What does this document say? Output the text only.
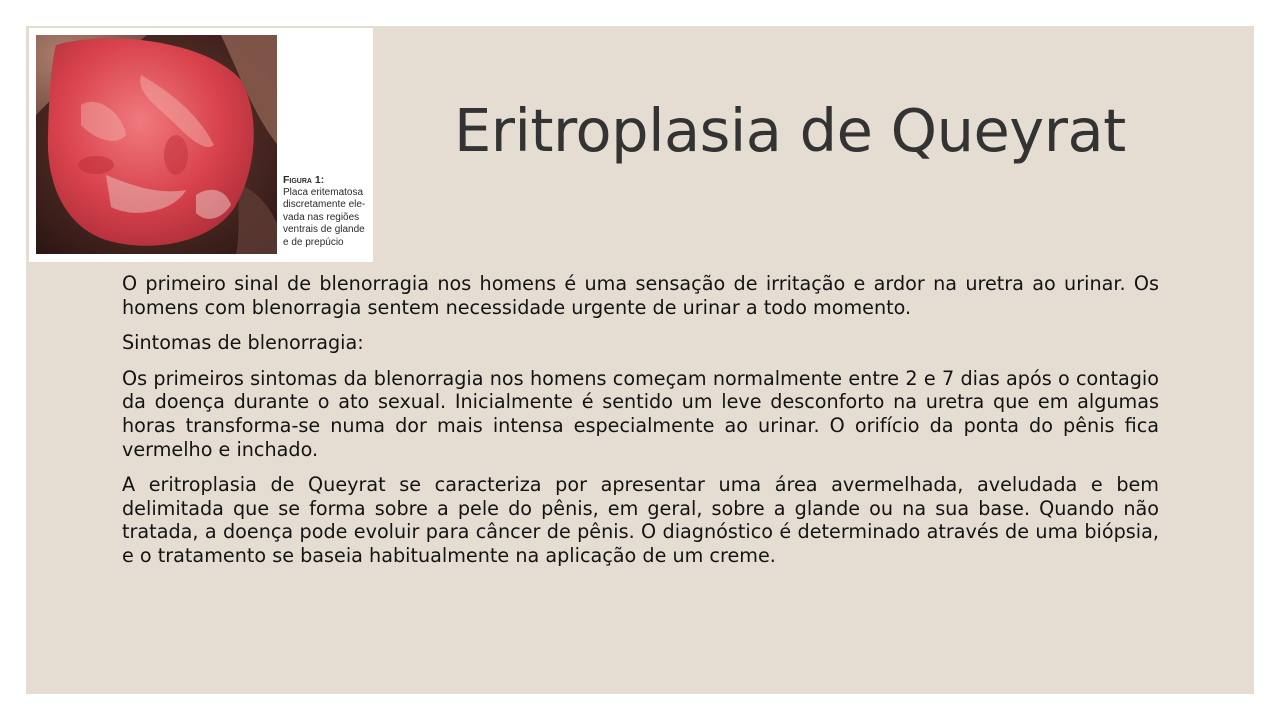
Figura 1:
Placa eritematosa
discretamente ele-
vada nas regiões
ventrais de glande
e de prepúcio
Eritroplasia de Queyrat

O primeiro sinal de blenorragia nos homens é uma sensação de irritação e ardor na uretra ao urinar. Os homens com blenorragia sentem necessidade urgente de urinar a todo momento.

Sintomas de blenorragia:

Os primeiros sintomas da blenorragia nos homens começam normalmente entre 2 e 7 dias após o contagio da doença durante o ato sexual. Inicialmente é sentido um leve desconforto na uretra que em algumas horas transforma-se numa dor mais intensa especialmente ao urinar. O orifício da ponta do pênis fica vermelho e inchado.

A eritroplasia de Queyrat se caracteriza por apresentar uma área avermelhada, aveludada e bem delimitada que se forma sobre a pele do pênis, em geral, sobre a glande ou na sua base. Quando não tratada, a doença pode evoluir para câncer de pênis. O diagnóstico é determinado através de uma biópsia, e o tratamento se baseia habitualmente na aplicação de um creme.
